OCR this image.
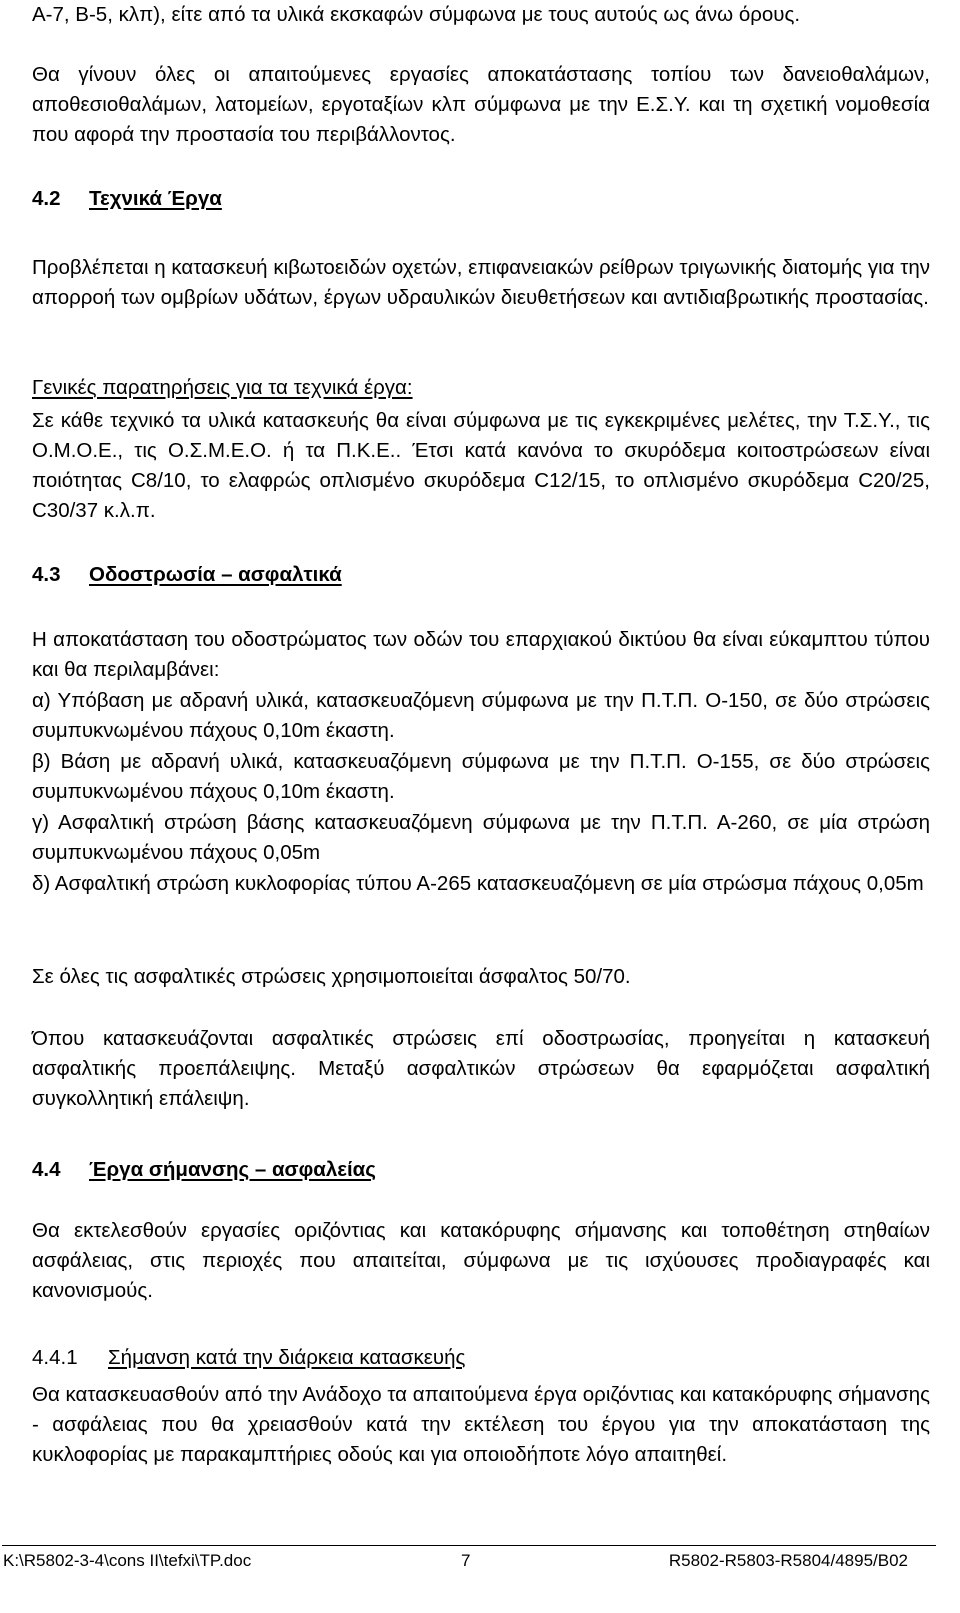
Α-7, Β-5, κλπ), είτε από τα υλικά εκσκαφών σύμφωνα με τους αυτούς ως άνω όρους.

Θα γίνουν όλες οι απαιτούμενες εργασίες αποκατάστασης τοπίου των δανειοθαλάμων, αποθεσιοθαλάμων, λατομείων, εργοταξίων κλπ σύμφωνα με την Ε.Σ.Υ. και τη σχετική νομοθεσία που αφορά την προστασία του περιβάλλοντος.

4.2 Τεχνικά Έργα

Προβλέπεται η κατασκευή κιβωτοειδών οχετών, επιφανειακών ρείθρων τριγωνικής διατομής για την απορροή των ομβρίων υδάτων, έργων υδραυλικών διευθετήσεων και αντιδιαβρωτικής προστασίας.

Γενικές παρατηρήσεις για τα τεχνικά έργα:

Σε κάθε τεχνικό τα υλικά κατασκευής θα είναι σύμφωνα με τις εγκεκριμένες μελέτες, την Τ.Σ.Υ., τις Ο.Μ.Ο.Ε., τις Ο.Σ.Μ.Ε.Ο. ή τα Π.Κ.Ε.. Έτσι κατά κανόνα το σκυρόδεμα κοιτοστρώσεων είναι ποιότητας C8/10, το ελαφρώς οπλισμένο σκυρόδεμα C12/15, το οπλισμένο σκυρόδεμα C20/25, C30/37 κ.λ.π.

4.3 Οδοστρωσία – ασφαλτικά

Η αποκατάσταση του οδοστρώματος των οδών του επαρχιακού δικτύου θα είναι εύκαμπτου τύπου και θα περιλαμβάνει:

α) Υπόβαση με αδρανή υλικά, κατασκευαζόμενη σύμφωνα με την Π.Τ.Π. Ο-150, σε δύο στρώσεις συμπυκνωμένου πάχους 0,10m έκαστη.

β) Βάση με αδρανή υλικά, κατασκευαζόμενη σύμφωνα με την Π.Τ.Π. Ο-155, σε δύο στρώσεις συμπυκνωμένου πάχους 0,10m έκαστη.

γ) Ασφαλτική στρώση βάσης κατασκευαζόμενη σύμφωνα με την Π.Τ.Π. Α-260, σε μία στρώση συμπυκνωμένου πάχους 0,05m

δ) Ασφαλτική στρώση κυκλοφορίας τύπου Α-265 κατασκευαζόμενη σε μία στρώσμα πάχους 0,05m

Σε όλες τις ασφαλτικές στρώσεις χρησιμοποιείται άσφαλτος 50/70.

Όπου κατασκευάζονται ασφαλτικές στρώσεις επί οδοστρωσίας, προηγείται η κατασκευή ασφαλτικής προεπάλειψης. Μεταξύ ασφαλτικών στρώσεων θα εφαρμόζεται ασφαλτική συγκολλητική επάλειψη.

4.4 Έργα σήμανσης – ασφαλείας

Θα εκτελεσθούν εργασίες οριζόντιας και κατακόρυφης σήμανσης και τοποθέτηση στηθαίων ασφάλειας, στις περιοχές που απαιτείται, σύμφωνα με τις ισχύουσες προδιαγραφές και κανονισμούς.

4.4.1 Σήμανση κατά την διάρκεια κατασκευής

Θα κατασκευασθούν από την Ανάδοχο τα απαιτούμενα έργα οριζόντιας και κατακόρυφης σήμανσης - ασφάλειας που θα χρειασθούν κατά την εκτέλεση του έργου για την αποκατάσταση της κυκλοφορίας με παρακαμπτήριες οδούς και για οποιοδήποτε λόγο απαιτηθεί.

K:\R5802-3-4\cons II\tefxi\TP.doc	7	R5802-R5803-R5804/4895/B02
